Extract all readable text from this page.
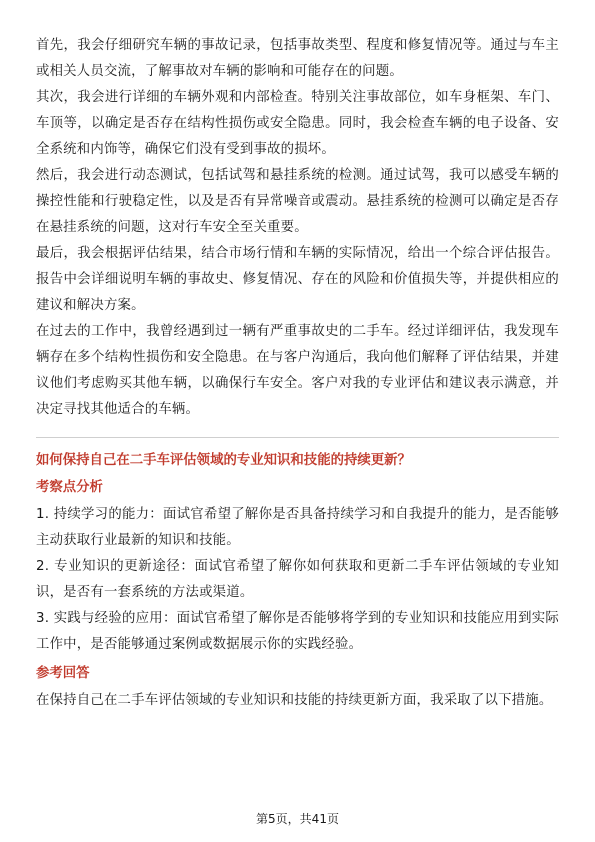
首先，我会仔细研究车辆的事故记录，包括事故类型、程度和修复情况等。通过与车主或相关人员交流，了解事故对车辆的影响和可能存在的问题。

其次，我会进行详细的车辆外观和内部检查。特别关注事故部位，如车身框架、车门、车顶等，以确定是否存在结构性损伤或安全隐患。同时，我会检查车辆的电子设备、安全系统和内饰等，确保它们没有受到事故的损坏。

然后，我会进行动态测试，包括试驾和悬挂系统的检测。通过试驾，我可以感受车辆的操控性能和行驶稳定性，以及是否有异常噪音或震动。悬挂系统的检测可以确定是否存在悬挂系统的问题，这对行车安全至关重要。

最后，我会根据评估结果，结合市场行情和车辆的实际情况，给出一个综合评估报告。报告中会详细说明车辆的事故史、修复情况、存在的风险和价值损失等，并提供相应的建议和解决方案。

在过去的工作中，我曾经遇到过一辆有严重事故史的二手车。经过详细评估，我发现车辆存在多个结构性损伤和安全隐患。在与客户沟通后，我向他们解释了评估结果，并建议他们考虑购买其他车辆，以确保行车安全。客户对我的专业评估和建议表示满意，并决定寻找其他适合的车辆。

如何保持自己在二手车评估领域的专业知识和技能的持续更新？

考察点分析

1. 持续学习的能力：面试官希望了解你是否具备持续学习和自我提升的能力，是否能够主动获取行业最新的知识和技能。

2. 专业知识的更新途径：面试官希望了解你如何获取和更新二手车评估领域的专业知识，是否有一套系统的方法或渠道。

3. 实践与经验的应用：面试官希望了解你是否能够将学到的专业知识和技能应用到实际工作中，是否能够通过案例或数据展示你的实践经验。

参考回答

在保持自己在二手车评估领域的专业知识和技能的持续更新方面，我采取了以下措施。

第5页，共41页
